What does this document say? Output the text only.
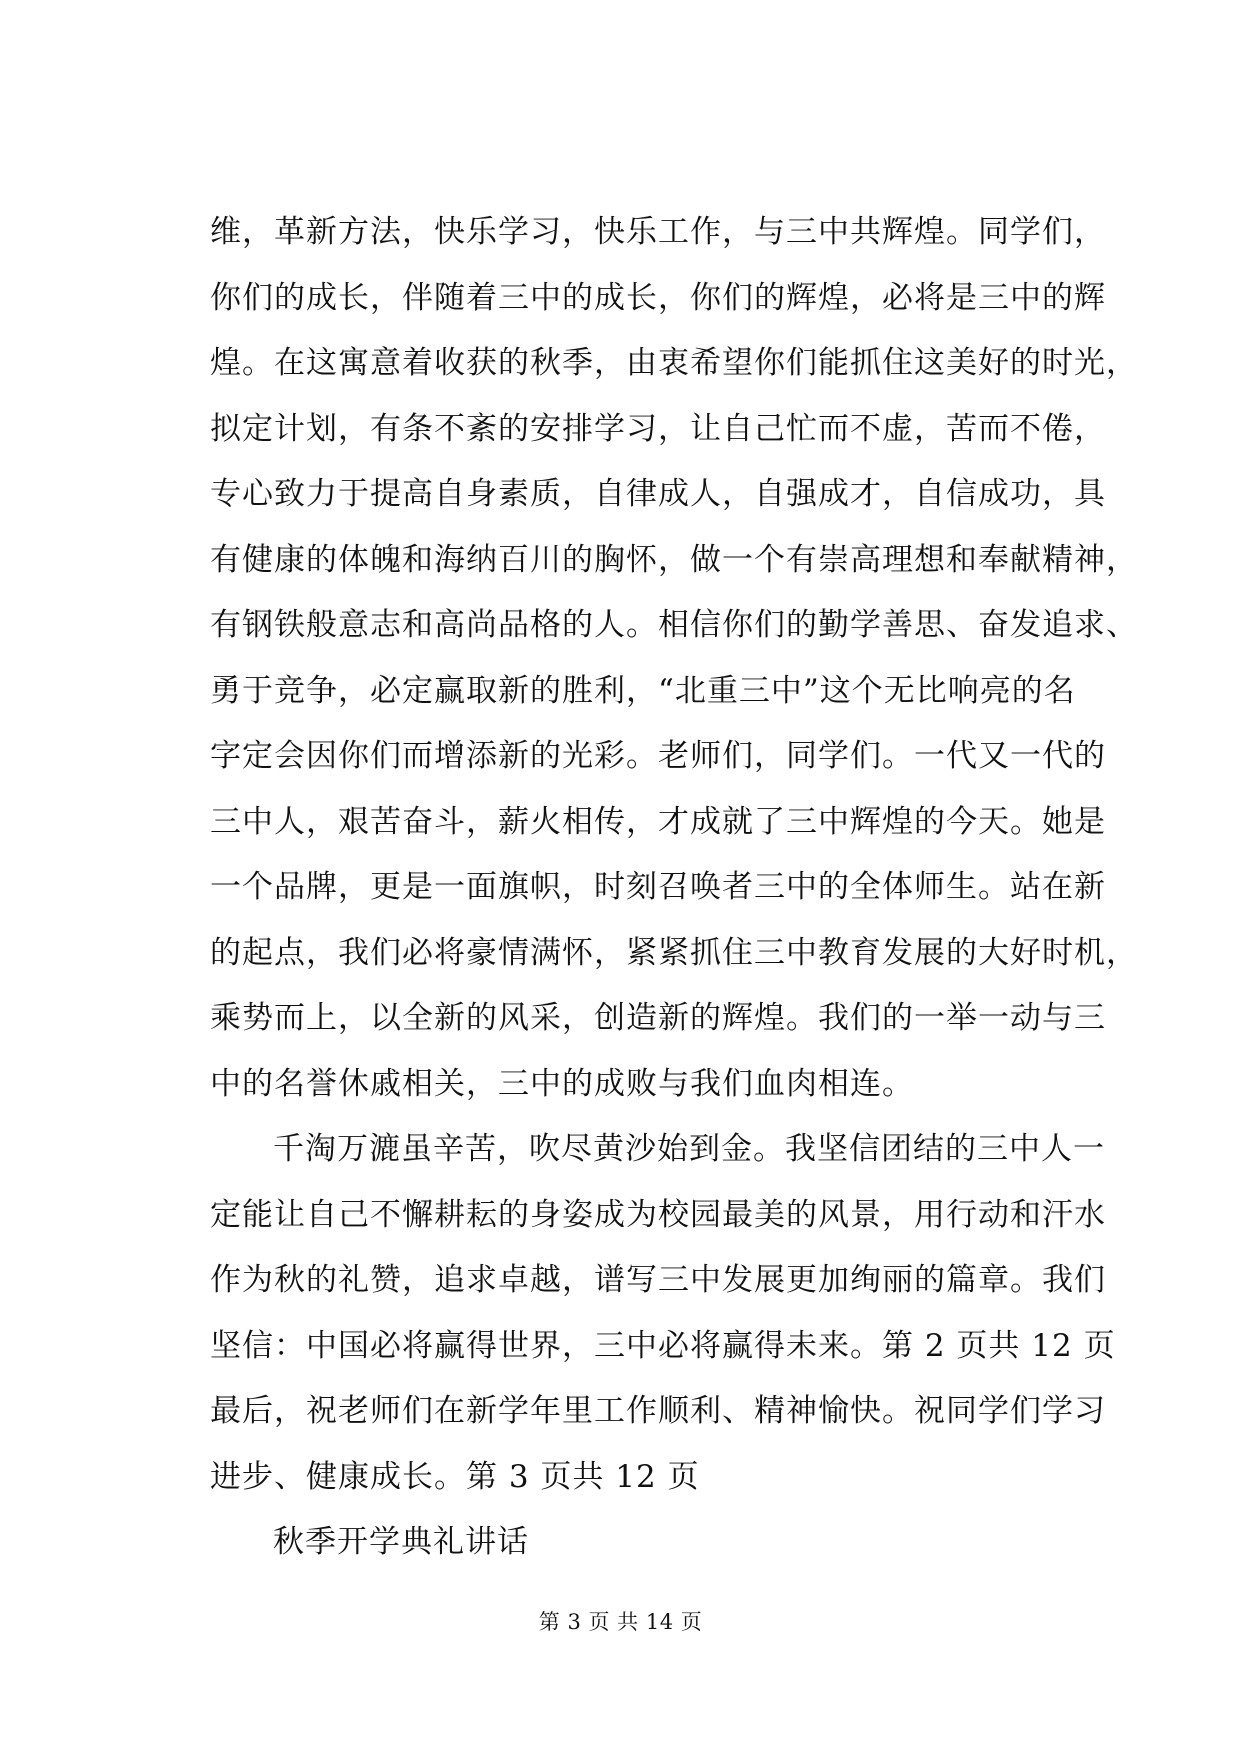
维，革新方法，快乐学习，快乐工作，与三中共辉煌。同学们，
你们的成长，伴随着三中的成长，你们的辉煌，必将是三中的辉
煌。在这寓意着收获的秋季，由衷希望你们能抓住这美好的时光，
拟定计划，有条不紊的安排学习，让自己忙而不虚，苦而不倦，
专心致力于提高自身素质，自律成人，自强成才，自信成功，具
有健康的体魄和海纳百川的胸怀，做一个有崇高理想和奉献精神，
有钢铁般意志和高尚品格的人。相信你们的勤学善思、奋发追求、
勇于竞争，必定赢取新的胜利，“北重三中”这个无比响亮的名
字定会因你们而增添新的光彩。老师们，同学们。一代又一代的
三中人，艰苦奋斗，薪火相传，才成就了三中辉煌的今天。她是
一个品牌，更是一面旗帜，时刻召唤者三中的全体师生。站在新
的起点，我们必将豪情满怀，紧紧抓住三中教育发展的大好时机，
乘势而上，以全新的风采，创造新的辉煌。我们的一举一动与三
中的名誉休戚相关，三中的成败与我们血肉相连。
千淘万漉虽辛苦，吹尽黄沙始到金。我坚信团结的三中人一
定能让自己不懈耕耘的身姿成为校园最美的风景，用行动和汗水
作为秋的礼赞，追求卓越，谱写三中发展更加绚丽的篇章。我们
坚信：中国必将赢得世界，三中必将赢得未来。第 2 页共 12 页
最后，祝老师们在新学年里工作顺利、精神愉快。祝同学们学习
进步、健康成长。第 3 页共 12 页
秋季开学典礼讲话
第 3 页 共 14 页
